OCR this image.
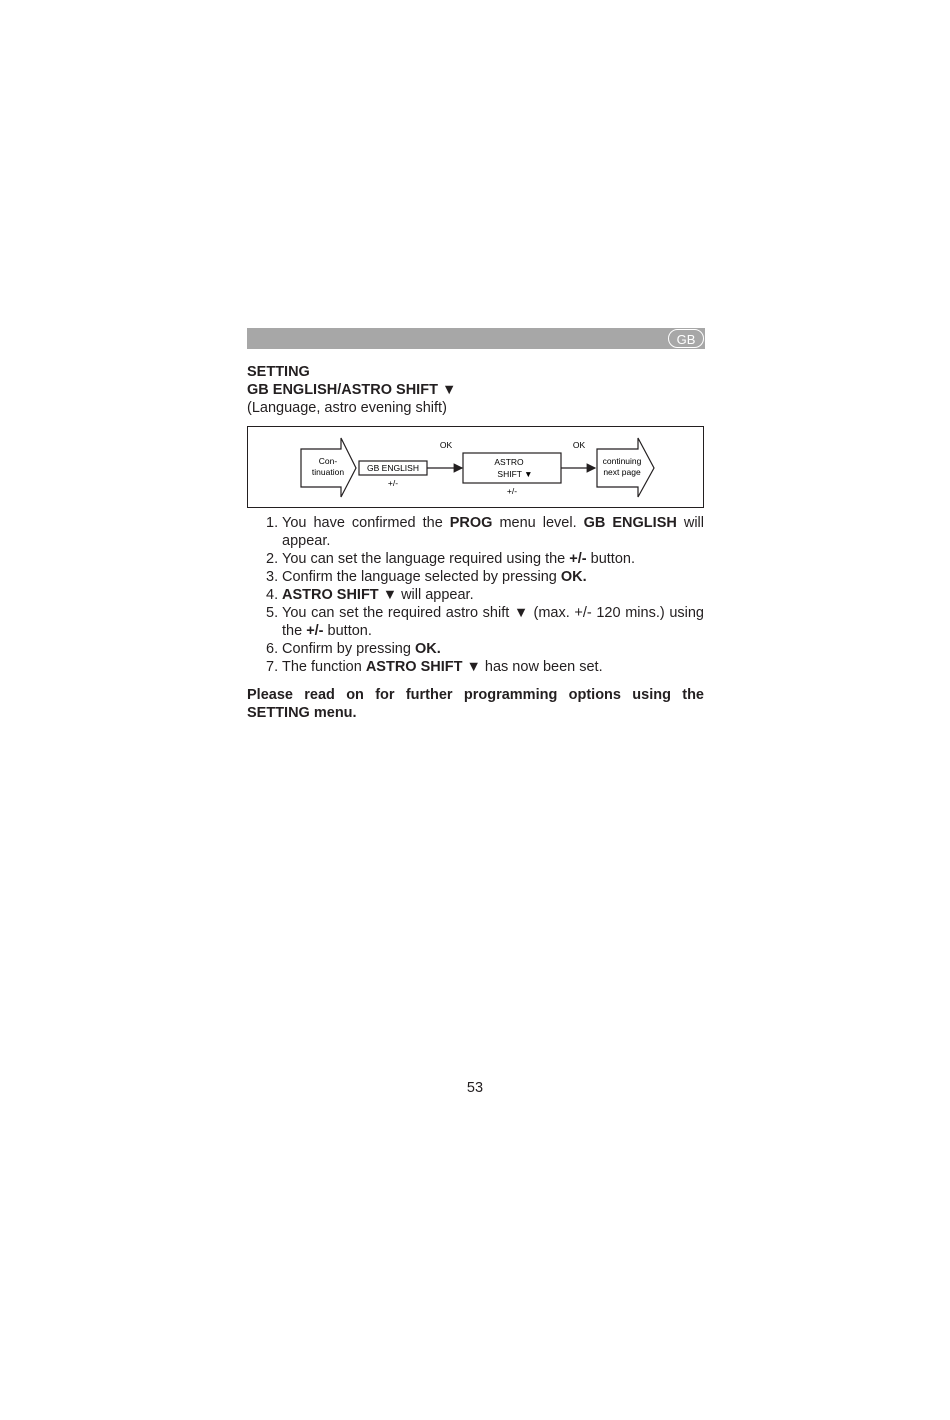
GB
SETTING
GB ENGLISH/ASTRO SHIFT ▼
(Language, astro evening shift)
Con-
tinuation	GB ENGLISH
+/-
OK
ASTRO
SHIFT ▼
+/-
OK
continuing
next page
1. You have confirmed the PROG menu level. GB ENGLISH will appear.
2. You can set the language required using the +/- button.
3. Confirm the language selected by pressing OK.
4. ASTRO SHIFT ▼ will appear.
5. You can set the required astro shift ▼ (max. +/- 120 mins.) using the +/- button.
6. Confirm by pressing OK.
7. The function ASTRO SHIFT ▼ has now been set.

Please read on for further programming options using the SETTING menu.

53
